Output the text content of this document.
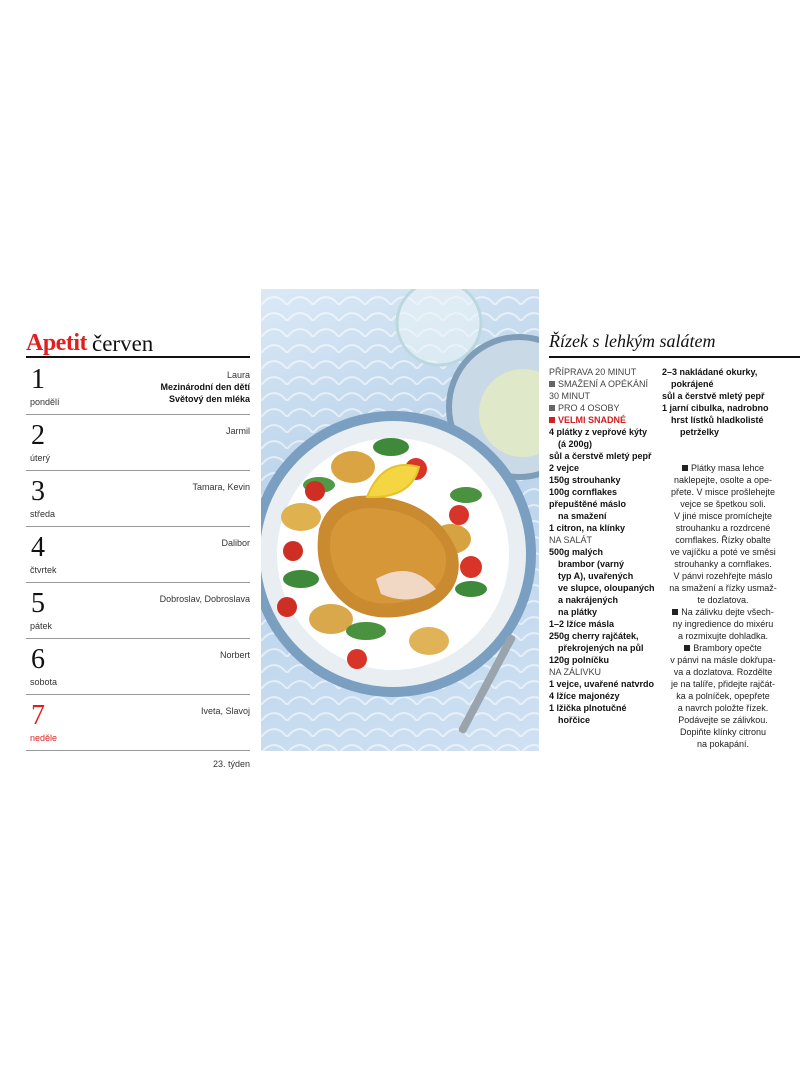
Apetit červen
1
pondělí
Laura
Mezinárodní den dětí
Světový den mléka
2
úterý
Jarmil
3
středa
Tamara, Kevin
4
čtvrtek
Dalibor
5
pátek
Dobroslav, Dobroslava
6
sobota
Norbert
7
neděle
Iveta, Slavoj
23. týden
Řízek s lehkým salátem
PŘÍPRAVA 20 MINUT
SMAŽENÍ A OPÉKÁNÍ
30 MINUT
PRO 4 OSOBY
VELMI SNADNÉ
4 plátky z vepřové kýty
(á 200g)
sůl a čerstvě mletý pepř
2 vejce
150g strouhanky
100g cornflakes
přepuštěné máslo
na smažení
1 citron, na klínky
NA SALÁT
500g malých
brambor (varný
typ A), uvařených
ve slupce, oloupaných
a nakrájených
na plátky
1–2 lžíce másla
250g cherry rajčátek,
překrojených na půl
120g polníčku
NA ZÁLIVKU
1 vejce, uvařené natvrdo
4 lžíce majonézy
1 lžička plnotučné
hořčice
2–3 nakládané okurky,
pokrájené
sůl a čerstvě mletý pepř
1 jarní cibulka, nadrobno
hrst lístků hladkolisté
petrželky
Plátky masa lehce
naklepejte, osolte a ope-
přete. V misce prošlehejte
vejce se špetkou soli.
V jiné misce promíchejte
strouhanku a rozdrcené
cornflakes. Řízky obalte
ve vajíčku a poté ve směsi
strouhanky a cornflakes.
V pánvi rozehřejte máslo
na smažení a řízky usmaž-
te dozlatova.
Na zálivku dejte všech-
ny ingredience do mixéru
a rozmixujte dohladka.
Brambory opečte
v pánvi na másle dokřupa-
va a dozlatova. Rozdělte
je na talíře, přidejte rajčát-
ka a polníček, opepřete
a navrch položte řízek.
Podávejte se zálivkou.
Dopiňte klínky citronu
na pokapání.
